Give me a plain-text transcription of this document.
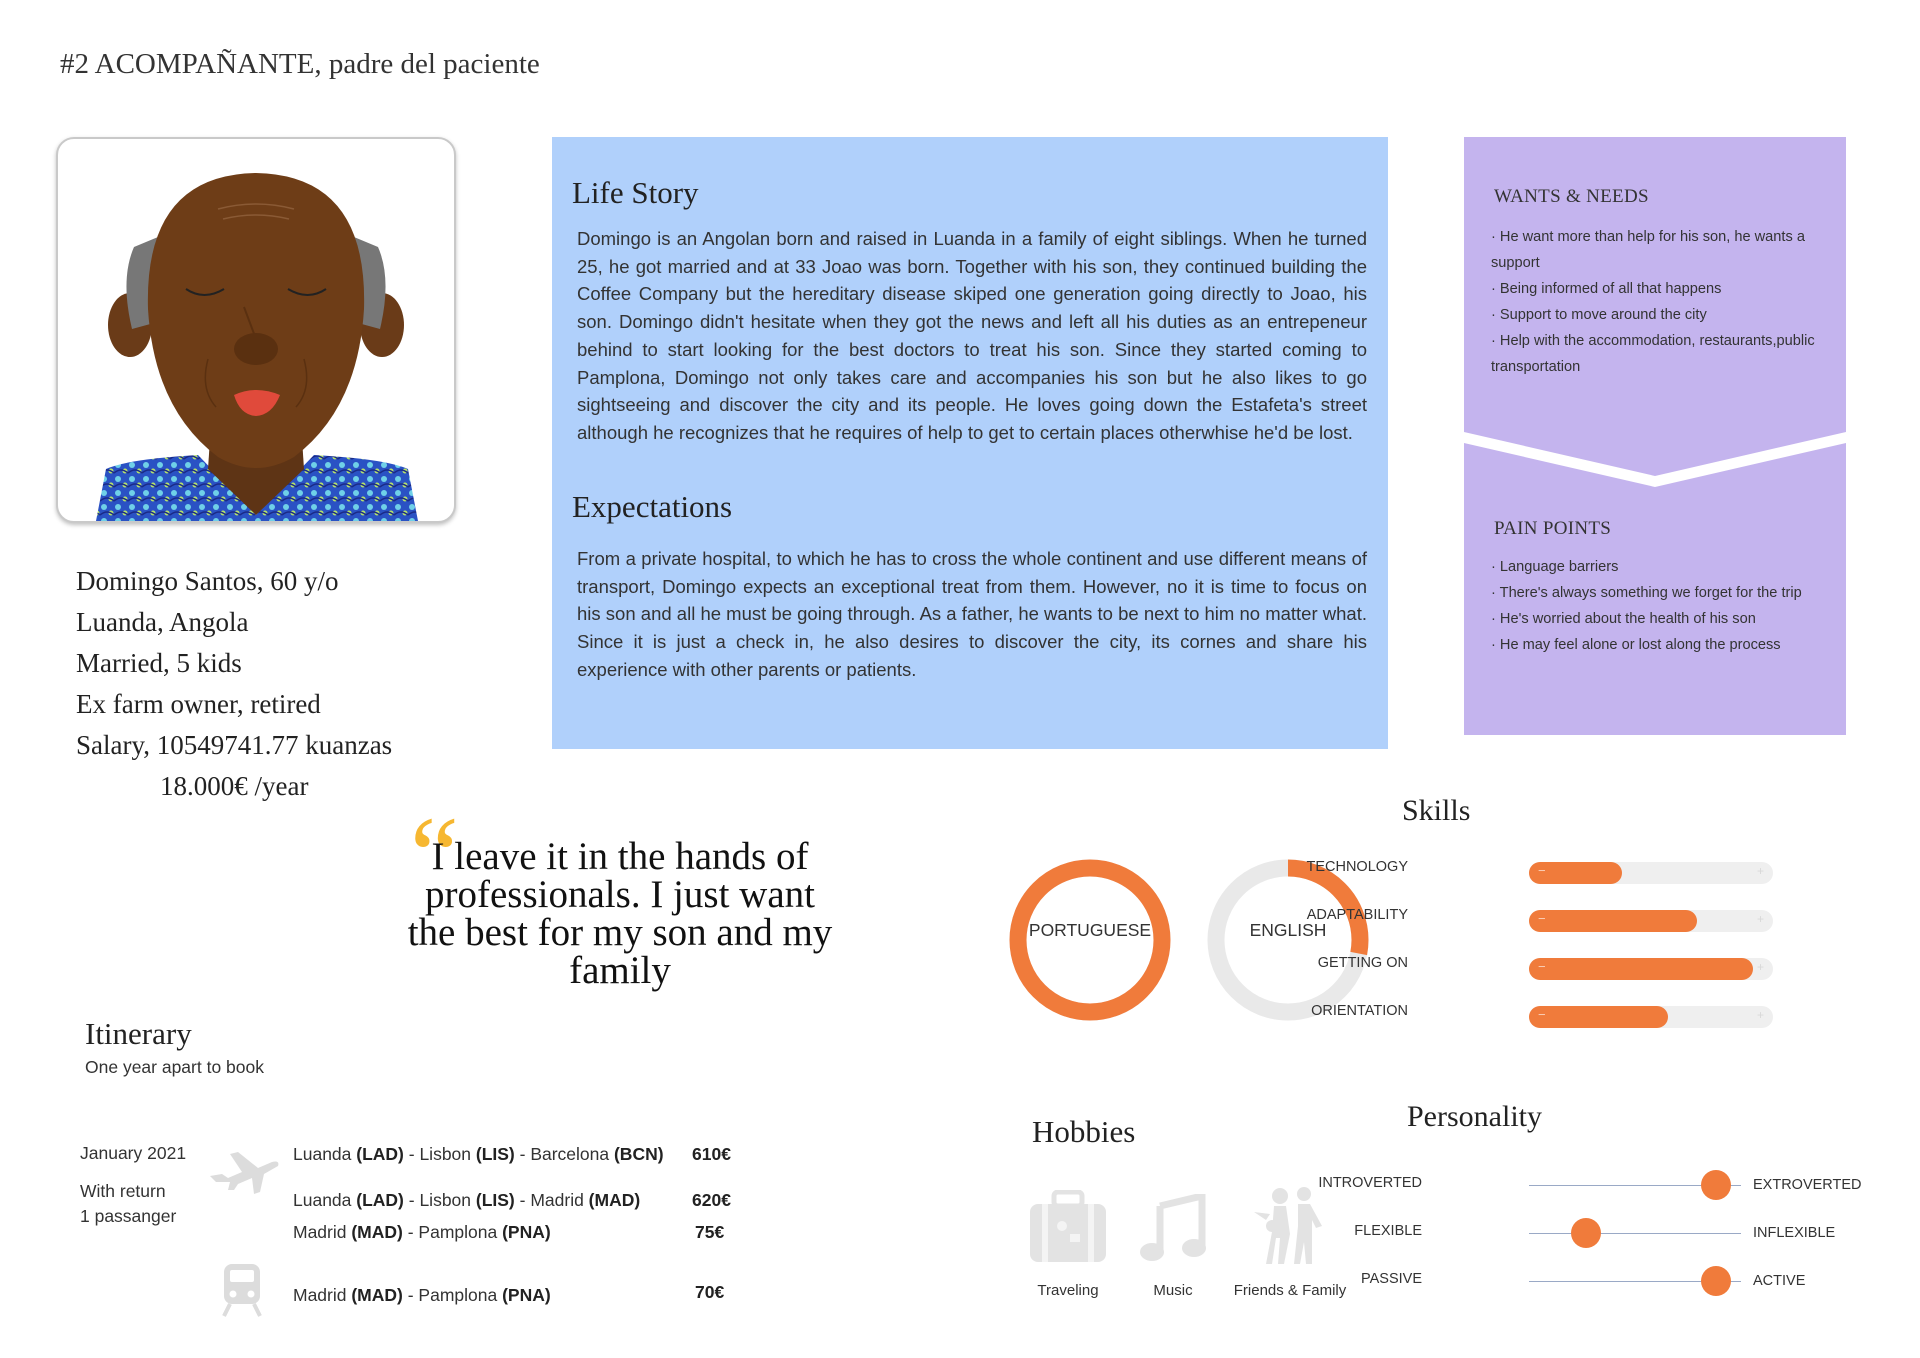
#2 ACOMPAÑANTE, padre del paciente
Domingo Santos, 60 y/o
Luanda, Angola
Married, 5 kids
Ex farm owner, retired
Salary, 10549741.77 kuanzas
18.000€ /year
Life Story
Domingo is an Angolan born and raised in Luanda in a family of eight siblings. When he turned 25, he got married and at 33 Joao was born. Together with his son, they continued building the Coffee Company but the hereditary disease skiped one generation going directly to Joao, his son. Domingo didn't hesitate when they got the news and left all his duties as an entrepeneur behind to start looking for the best doctors to treat his son. Since they started coming to Pamplona, Domingo not only takes care and accompanies his son but he also likes to go sightseeing and discover the city and its people. He loves going down the Estafeta's street although he recognizes that he requires of help to get to certain places otherwhise he'd be lost.
Expectations
From a private hospital, to which he has to cross the whole continent and use different means of transport, Domingo expects an exceptional treat from them. However, no it is time to focus on his son and all he must be going through. As a father, he wants to be next to him no matter what. Since it is just a check in, he also desires to discover the city, its cornes and share his experience with other parents or patients.
WANTS & NEEDS
· He want more than help for his son, he wants a support
· Being informed of all that happens
· Support to move around the city
· Help with the accommodation, restaurants,public transportation
PAIN POINTS
· Language barriers
· There's always something we forget for the trip
· He's worried about the health of his son
· He may feel alone or lost along the process
“
I leave it in the hands of professionals. I just want the best for my son and my family
PORTUGUESE	ENGLISH
Skills
TECHNOLOGY	−	+
ADAPTABILITY	−	+
GETTING ON	−	+
ORIENTATION	−	+
Personality
INTROVERTED	EXTROVERTED
FLEXIBLE	INFLEXIBLE
PASSIVE	ACTIVE
Itinerary
One year apart to book
January 2021
With return
1 passanger
Luanda (LAD) - Lisbon (LIS) - Barcelona (BCN) 610€
Luanda (LAD) - Lisbon (LIS) - Madrid (MAD)	620€
Madrid (MAD) - Pamplona (PNA)	75€
Madrid (MAD) - Pamplona (PNA)	70€
Hobbies
Traveling	Music	Friends & Family
